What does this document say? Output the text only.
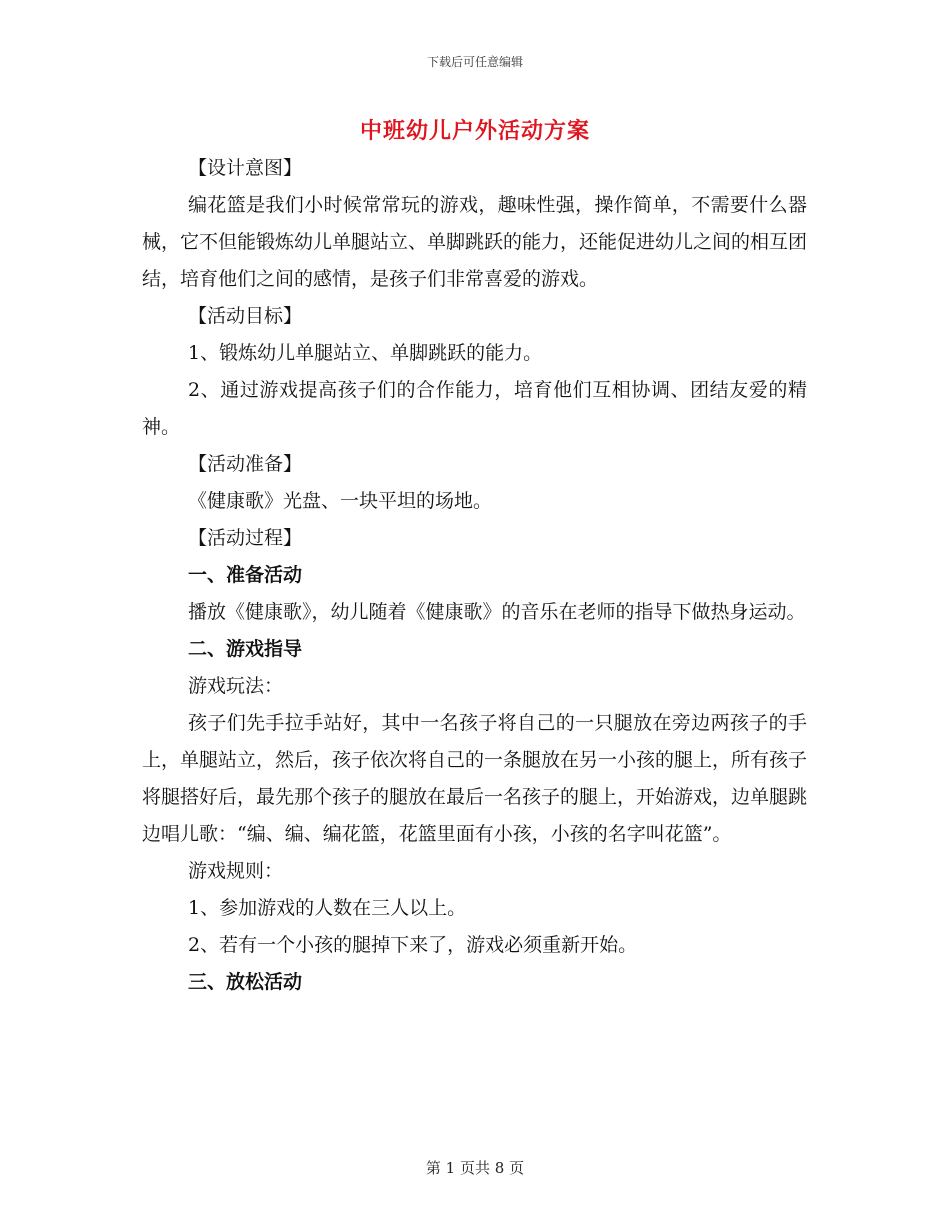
下载后可任意编辑
中班幼儿户外活动方案

【设计意图】

编花篮是我们小时候常常玩的游戏，趣味性强，操作简单，不需要什么器械，它不但能锻炼幼儿单腿站立、单脚跳跃的能力，还能促进幼儿之间的相互团结，培育他们之间的感情，是孩子们非常喜爱的游戏。

【活动目标】

1、锻炼幼儿单腿站立、单脚跳跃的能力。

2、通过游戏提高孩子们的合作能力，培育他们互相协调、团结友爱的精神。

【活动准备】

《健康歌》光盘、一块平坦的场地。

【活动过程】

一、准备活动

播放《健康歌》，幼儿随着《健康歌》的音乐在老师的指导下做热身运动。

二、游戏指导

游戏玩法：

孩子们先手拉手站好，其中一名孩子将自己的一只腿放在旁边两孩子的手上，单腿站立，然后，孩子依次将自己的一条腿放在另一小孩的腿上，所有孩子将腿搭好后，最先那个孩子的腿放在最后一名孩子的腿上，开始游戏，边单腿跳边唱儿歌：“编、编、编花篮，花篮里面有小孩，小孩的名字叫花篮”。

游戏规则：

1、参加游戏的人数在三人以上。

2、若有一个小孩的腿掉下来了，游戏必须重新开始。

三、放松活动

第 1 页共 8 页
